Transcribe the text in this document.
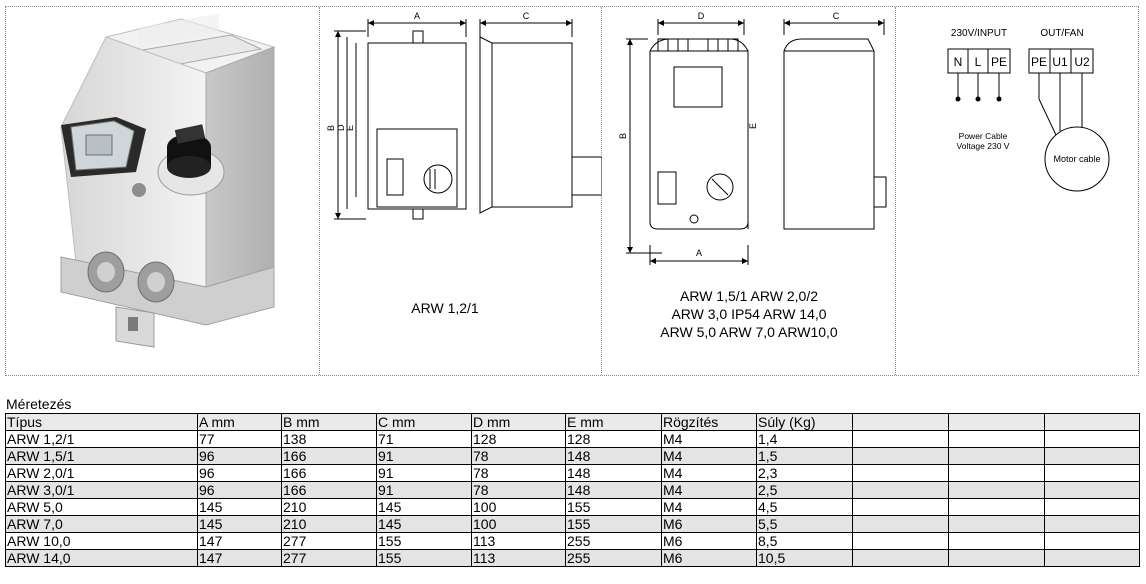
A	C
B D E
ARW 1,2/1
D	C
B
E
A
ARW 1,5/1 ARW 2,0/2
ARW 3,0 IP54 ARW 14,0
ARW 5,0 ARW 7,0 ARW10,0
230V/INPUT	OUT/FAN
N L PE PE U1 U2
Power Cable
Voltage 230 V
Motor cable
Méretezés
Típus	A mm	B mm	C mm	D mm	E mm	Rögzítés	Súly (Kg)			
ARW 1,2/1	77	138	71	128	128	M4	1,4			
ARW 1,5/1	96	166	91	78	148	M4	1,5			
ARW 2,0/1	96	166	91	78	148	M4	2,3			
ARW 3,0/1	96	166	91	78	148	M4	2,5			
ARW 5,0	145	210	145	100	155	M4	4,5			
ARW 7,0	145	210	145	100	155	M6	5,5			
ARW 10,0	147	277	155	113	255	M6	8,5			
ARW 14,0	147	277	155	113	255	M6	10,5			
